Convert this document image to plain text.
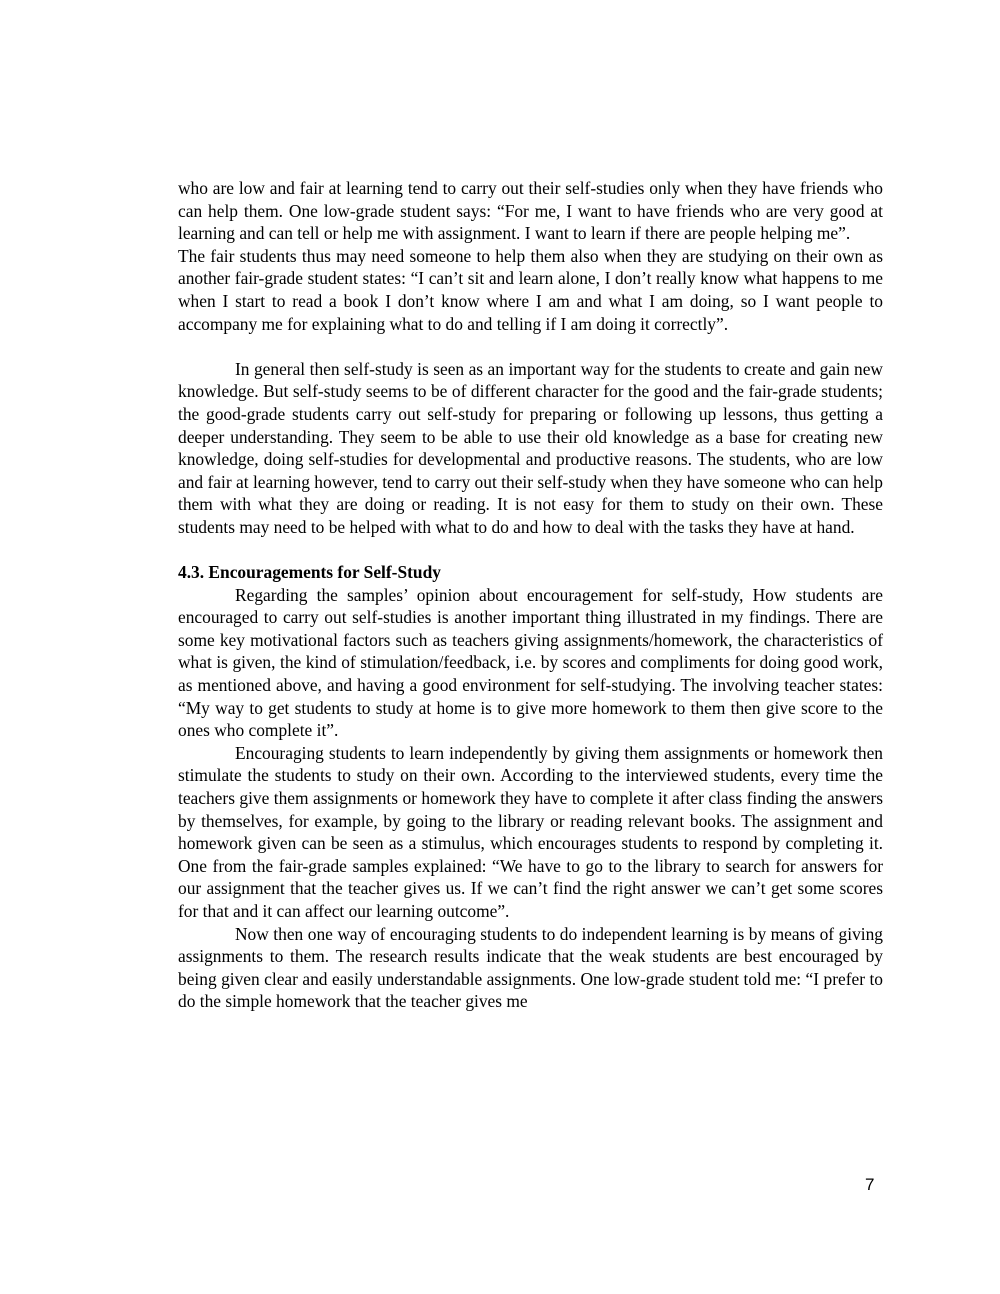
who are low and fair at learning tend to carry out their self-studies only when they have friends who can help them. One low-grade student says: “For me, I want to have friends who are very good at learning and can tell or help me with assignment. I want to learn if there are people helping me”.

The fair students thus may need someone to help them also when they are studying on their own as another fair-grade student states: “I can’t sit and learn alone, I don’t really know what happens to me when I start to read a book I don’t know where I am and what I am doing, so I want people to accompany me for explaining what to do and telling if I am doing it correctly”.

In general then self-study is seen as an important way for the students to create and gain new knowledge. But self-study seems to be of different character for the good and the fair-grade students; the good-grade students carry out self-study for preparing or following up lessons, thus getting a deeper understanding. They seem to be able to use their old knowledge as a base for creating new knowledge, doing self-studies for developmental and productive reasons. The students, who are low and fair at learning however, tend to carry out their self-study when they have someone who can help them with what they are doing or reading. It is not easy for them to study on their own. These students may need to be helped with what to do and how to deal with the tasks they have at hand.

4.3. Encouragements for Self-Study

Regarding the samples’ opinion about encouragement for self-study, How students are encouraged to carry out self-studies is another important thing illustrated in my findings. There are some key motivational factors such as teachers giving assignments/homework, the characteristics of what is given, the kind of stimulation/feedback, i.e. by scores and compliments for doing good work, as mentioned above, and having a good environment for self-studying. The involving teacher states: “My way to get students to study at home is to give more homework to them then give score to the ones who complete it”.

Encouraging students to learn independently by giving them assignments or homework then stimulate the students to study on their own. According to the interviewed students, every time the teachers give them assignments or homework they have to complete it after class finding the answers by themselves, for example, by going to the library or reading relevant books. The assignment and homework given can be seen as a stimulus, which encourages students to respond by completing it. One from the fair-grade samples explained: “We have to go to the library to search for answers for our assignment that the teacher gives us. If we can’t find the right answer we can’t get some scores for that and it can affect our learning outcome”.

Now then one way of encouraging students to do independent learning is by means of giving assignments to them. The research results indicate that the weak students are best encouraged by being given clear and easily understandable assignments. One low-grade student told me: “I prefer to do the simple homework that the teacher gives me

7
